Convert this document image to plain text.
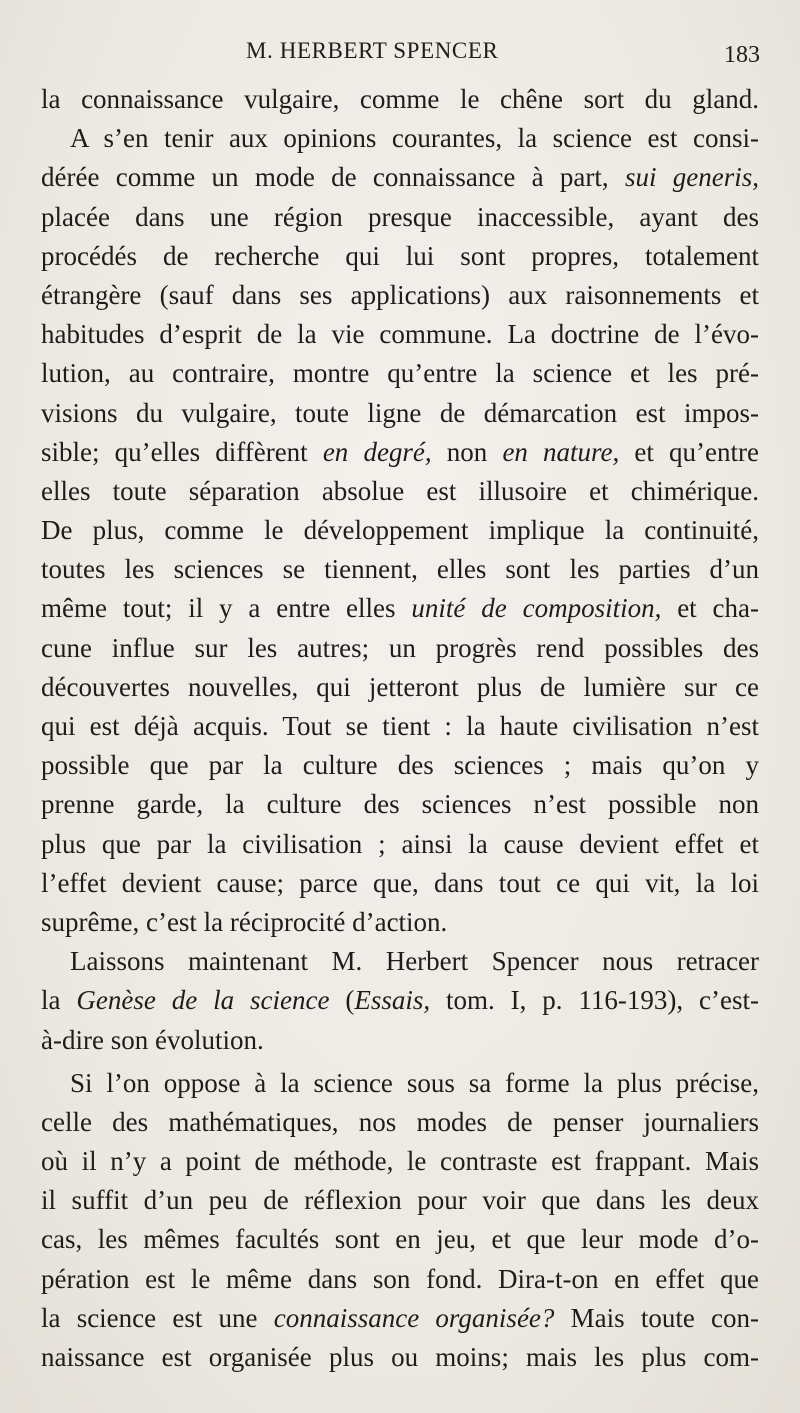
M. HERBERT SPENCER	183
la connaissance vulgaire, comme le chêne sort du gland.
A s’en tenir aux opinions courantes, la science est consi-
dérée comme un mode de connaissance à part, sui generis,
placée dans une région presque inaccessible, ayant des
procédés de recherche qui lui sont propres, totalement
étrangère (sauf dans ses applications) aux raisonnements et
habitudes d’esprit de la vie commune. La doctrine de l’évo-
lution, au contraire, montre qu’entre la science et les pré-
visions du vulgaire, toute ligne de démarcation est impos-
sible; qu’elles diffèrent en degré, non en nature, et qu’entre
elles toute séparation absolue est illusoire et chimérique.
De plus, comme le développement implique la continuité,
toutes les sciences se tiennent, elles sont les parties d’un
même tout; il y a entre elles unité de composition, et cha-
cune influe sur les autres; un progrès rend possibles des
découvertes nouvelles, qui jetteront plus de lumière sur ce
qui est déjà acquis. Tout se tient : la haute civilisation n’est
possible que par la culture des sciences ; mais qu’on y
prenne garde, la culture des sciences n’est possible non
plus que par la civilisation ; ainsi la cause devient effet et
l’effet devient cause; parce que, dans tout ce qui vit, la loi
suprême, c’est la réciprocité d’action.
Laissons maintenant M. Herbert Spencer nous retracer
la Genèse de la science (Essais, tom. I, p. 116-193), c’est-
à-dire son évolution.
Si l’on oppose à la science sous sa forme la plus précise,
celle des mathématiques, nos modes de penser journaliers
où il n’y a point de méthode, le contraste est frappant. Mais
il suffit d’un peu de réflexion pour voir que dans les deux
cas, les mêmes facultés sont en jeu, et que leur mode d’o-
pération est le même dans son fond. Dira-t-on en effet que
la science est une connaissance organisée? Mais toute con-
naissance est organisée plus ou moins; mais les plus com-
